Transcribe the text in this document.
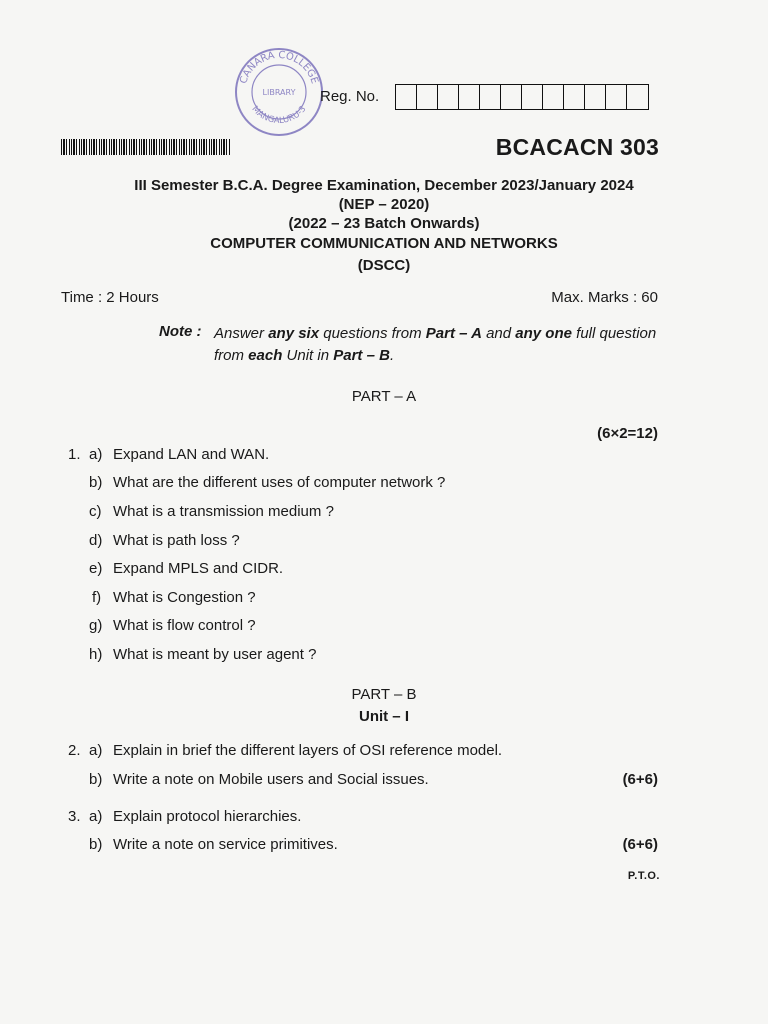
CANARA COLLEGE
MANGALURU-3
LIBRARY Reg. No.
BCACACN 303
III Semester B.C.A. Degree Examination, December 2023/January 2024
(NEP – 2020)
(2022 – 23 Batch Onwards)
COMPUTER COMMUNICATION AND NETWORKS
(DSCC)
Time : 2 Hours	Max. Marks : 60
Note : Answer any six questions from Part – A and any one full question
from each Unit in Part – B.
PART – A
(6×2=12)
1. a) Expand LAN and WAN.
b) What are the different uses of computer network ?
c) What is a transmission medium ?
d) What is path loss ?
e) Expand MPLS and CIDR.
f) What is Congestion ?
g) What is flow control ?
h) What is meant by user agent ?
PART – B
Unit – I
2. a) Explain in brief the different layers of OSI reference model.
b) Write a note on Mobile users and Social issues.	(6+6)
3. a) Explain protocol hierarchies.
b) Write a note on service primitives.	(6+6)
P.T.O.
